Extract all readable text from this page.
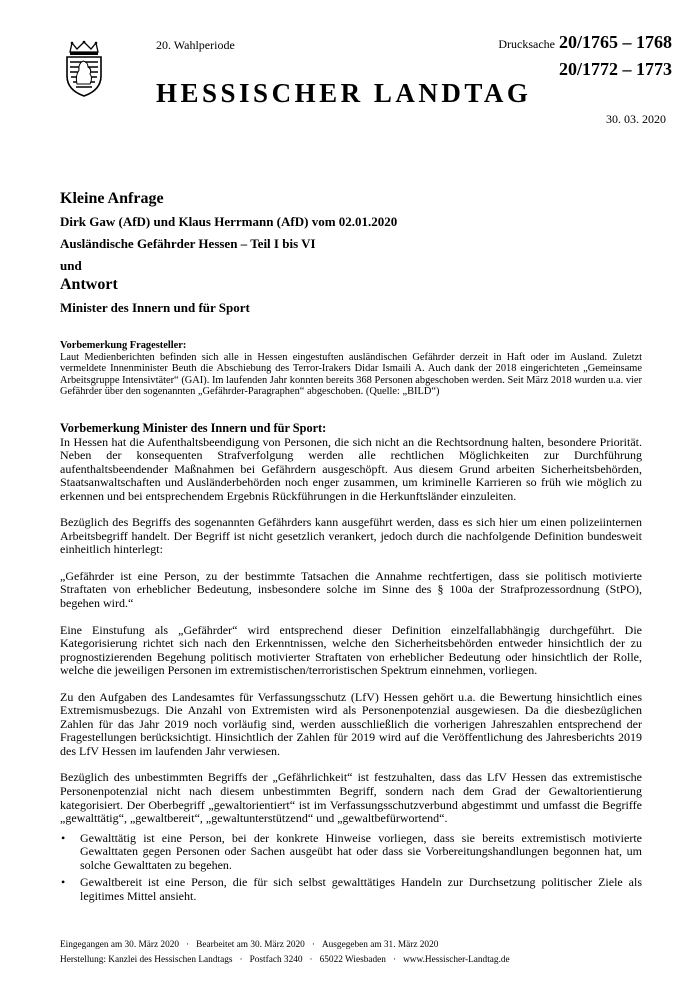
20. Wahlperiode	Drucksache 20/1765 – 1768
20/1772 – 1773
HESSISCHER LANDTAG
30. 03. 2020

Kleine Anfrage

Dirk Gaw (AfD) und Klaus Herrmann (AfD) vom 02.01.2020

Ausländische Gefährder Hessen – Teil I bis VI

und

Antwort

Minister des Innern und für Sport

Vorbemerkung Fragesteller:

Laut Medienberichten befinden sich alle in Hessen eingestuften ausländischen Gefährder derzeit in Haft oder im Ausland. Zuletzt vermeldete Innenminister Beuth die Abschiebung des Terror-Irakers Didar Ismaili A. Auch dank der 2018 eingerichteten „Gemeinsame Arbeitsgruppe Intensivtäter“ (GAI). Im laufenden Jahr konnten bereits 368 Personen abgeschoben werden. Seit März 2018 wurden u.a. vier Gefährder über den sogenannten „Gefährder-Paragraphen“ abgeschoben. (Quelle: „BILD“)

Vorbemerkung Minister des Innern und für Sport:

In Hessen hat die Aufenthaltsbeendigung von Personen, die sich nicht an die Rechtsordnung halten, besondere Priorität. Neben der konsequenten Strafverfolgung werden alle rechtlichen Möglichkeiten zur Durchführung aufenthaltsbeendender Maßnahmen bei Gefährdern ausgeschöpft. Aus diesem Grund arbeiten Sicherheitsbehörden, Staatsanwaltschaften und Ausländerbehörden noch enger zusammen, um kriminelle Karrieren so früh wie möglich zu erkennen und bei entsprechendem Ergebnis Rückführungen in die Herkunftsländer einzuleiten.

Bezüglich des Begriffs des sogenannten Gefährders kann ausgeführt werden, dass es sich hier um einen polizeiinternen Arbeitsbegriff handelt. Der Begriff ist nicht gesetzlich verankert, jedoch durch die nachfolgende Definition bundesweit einheitlich hinterlegt:

„Gefährder ist eine Person, zu der bestimmte Tatsachen die Annahme rechtfertigen, dass sie politisch motivierte Straftaten von erheblicher Bedeutung, insbesondere solche im Sinne des § 100a der Strafprozessordnung (StPO), begehen wird.“

Eine Einstufung als „Gefährder“ wird entsprechend dieser Definition einzelfallabhängig durchgeführt. Die Kategorisierung richtet sich nach den Erkenntnissen, welche den Sicherheitsbehörden entweder hinsichtlich der zu prognostizierenden Begehung politisch motivierter Straftaten von erheblicher Bedeutung oder hinsichtlich der Rolle, welche die jeweiligen Personen im extremistischen/terroristischen Spektrum einnehmen, vorliegen.

Zu den Aufgaben des Landesamtes für Verfassungsschutz (LfV) Hessen gehört u.a. die Bewertung hinsichtlich eines Extremismusbezugs. Die Anzahl von Extremisten wird als Personenpotenzial ausgewiesen. Da die diesbezüglichen Zahlen für das Jahr 2019 noch vorläufig sind, werden ausschließlich die vorherigen Jahreszahlen entsprechend der Fragestellungen berücksichtigt. Hinsichtlich der Zahlen für 2019 wird auf die Veröffentlichung des Jahresberichts 2019 des LfV Hessen im laufenden Jahr verwiesen.

Bezüglich des unbestimmten Begriffs der „Gefährlichkeit“ ist festzuhalten, dass das LfV Hessen das extremistische Personenpotenzial nicht nach diesem unbestimmten Begriff, sondern nach dem Grad der Gewaltorientierung kategorisiert. Der Oberbegriff „gewaltorientiert“ ist im Verfassungsschutzverbund abgestimmt und umfasst die Begriffe „gewalttätig“, „gewaltbereit“, „gewaltunterstützend“ und „gewaltbefürwortend“.

• Gewalttätig ist eine Person, bei der konkrete Hinweise vorliegen, dass sie bereits extremistisch motivierte Gewalttaten gegen Personen oder Sachen ausgeübt hat oder dass sie Vorbereitungshandlungen begonnen hat, um solche Gewalttaten zu begehen.
• Gewaltbereit ist eine Person, die für sich selbst gewalttätiges Handeln zur Durchsetzung politischer Ziele als legitimes Mittel ansieht.
Eingegangen am 30. März 2020 · Bearbeitet am 30. März 2020 · Ausgegeben am 31. März 2020
Herstellung: Kanzlei des Hessischen Landtags · Postfach 3240 · 65022 Wiesbaden · www.Hessischer-Landtag.de
